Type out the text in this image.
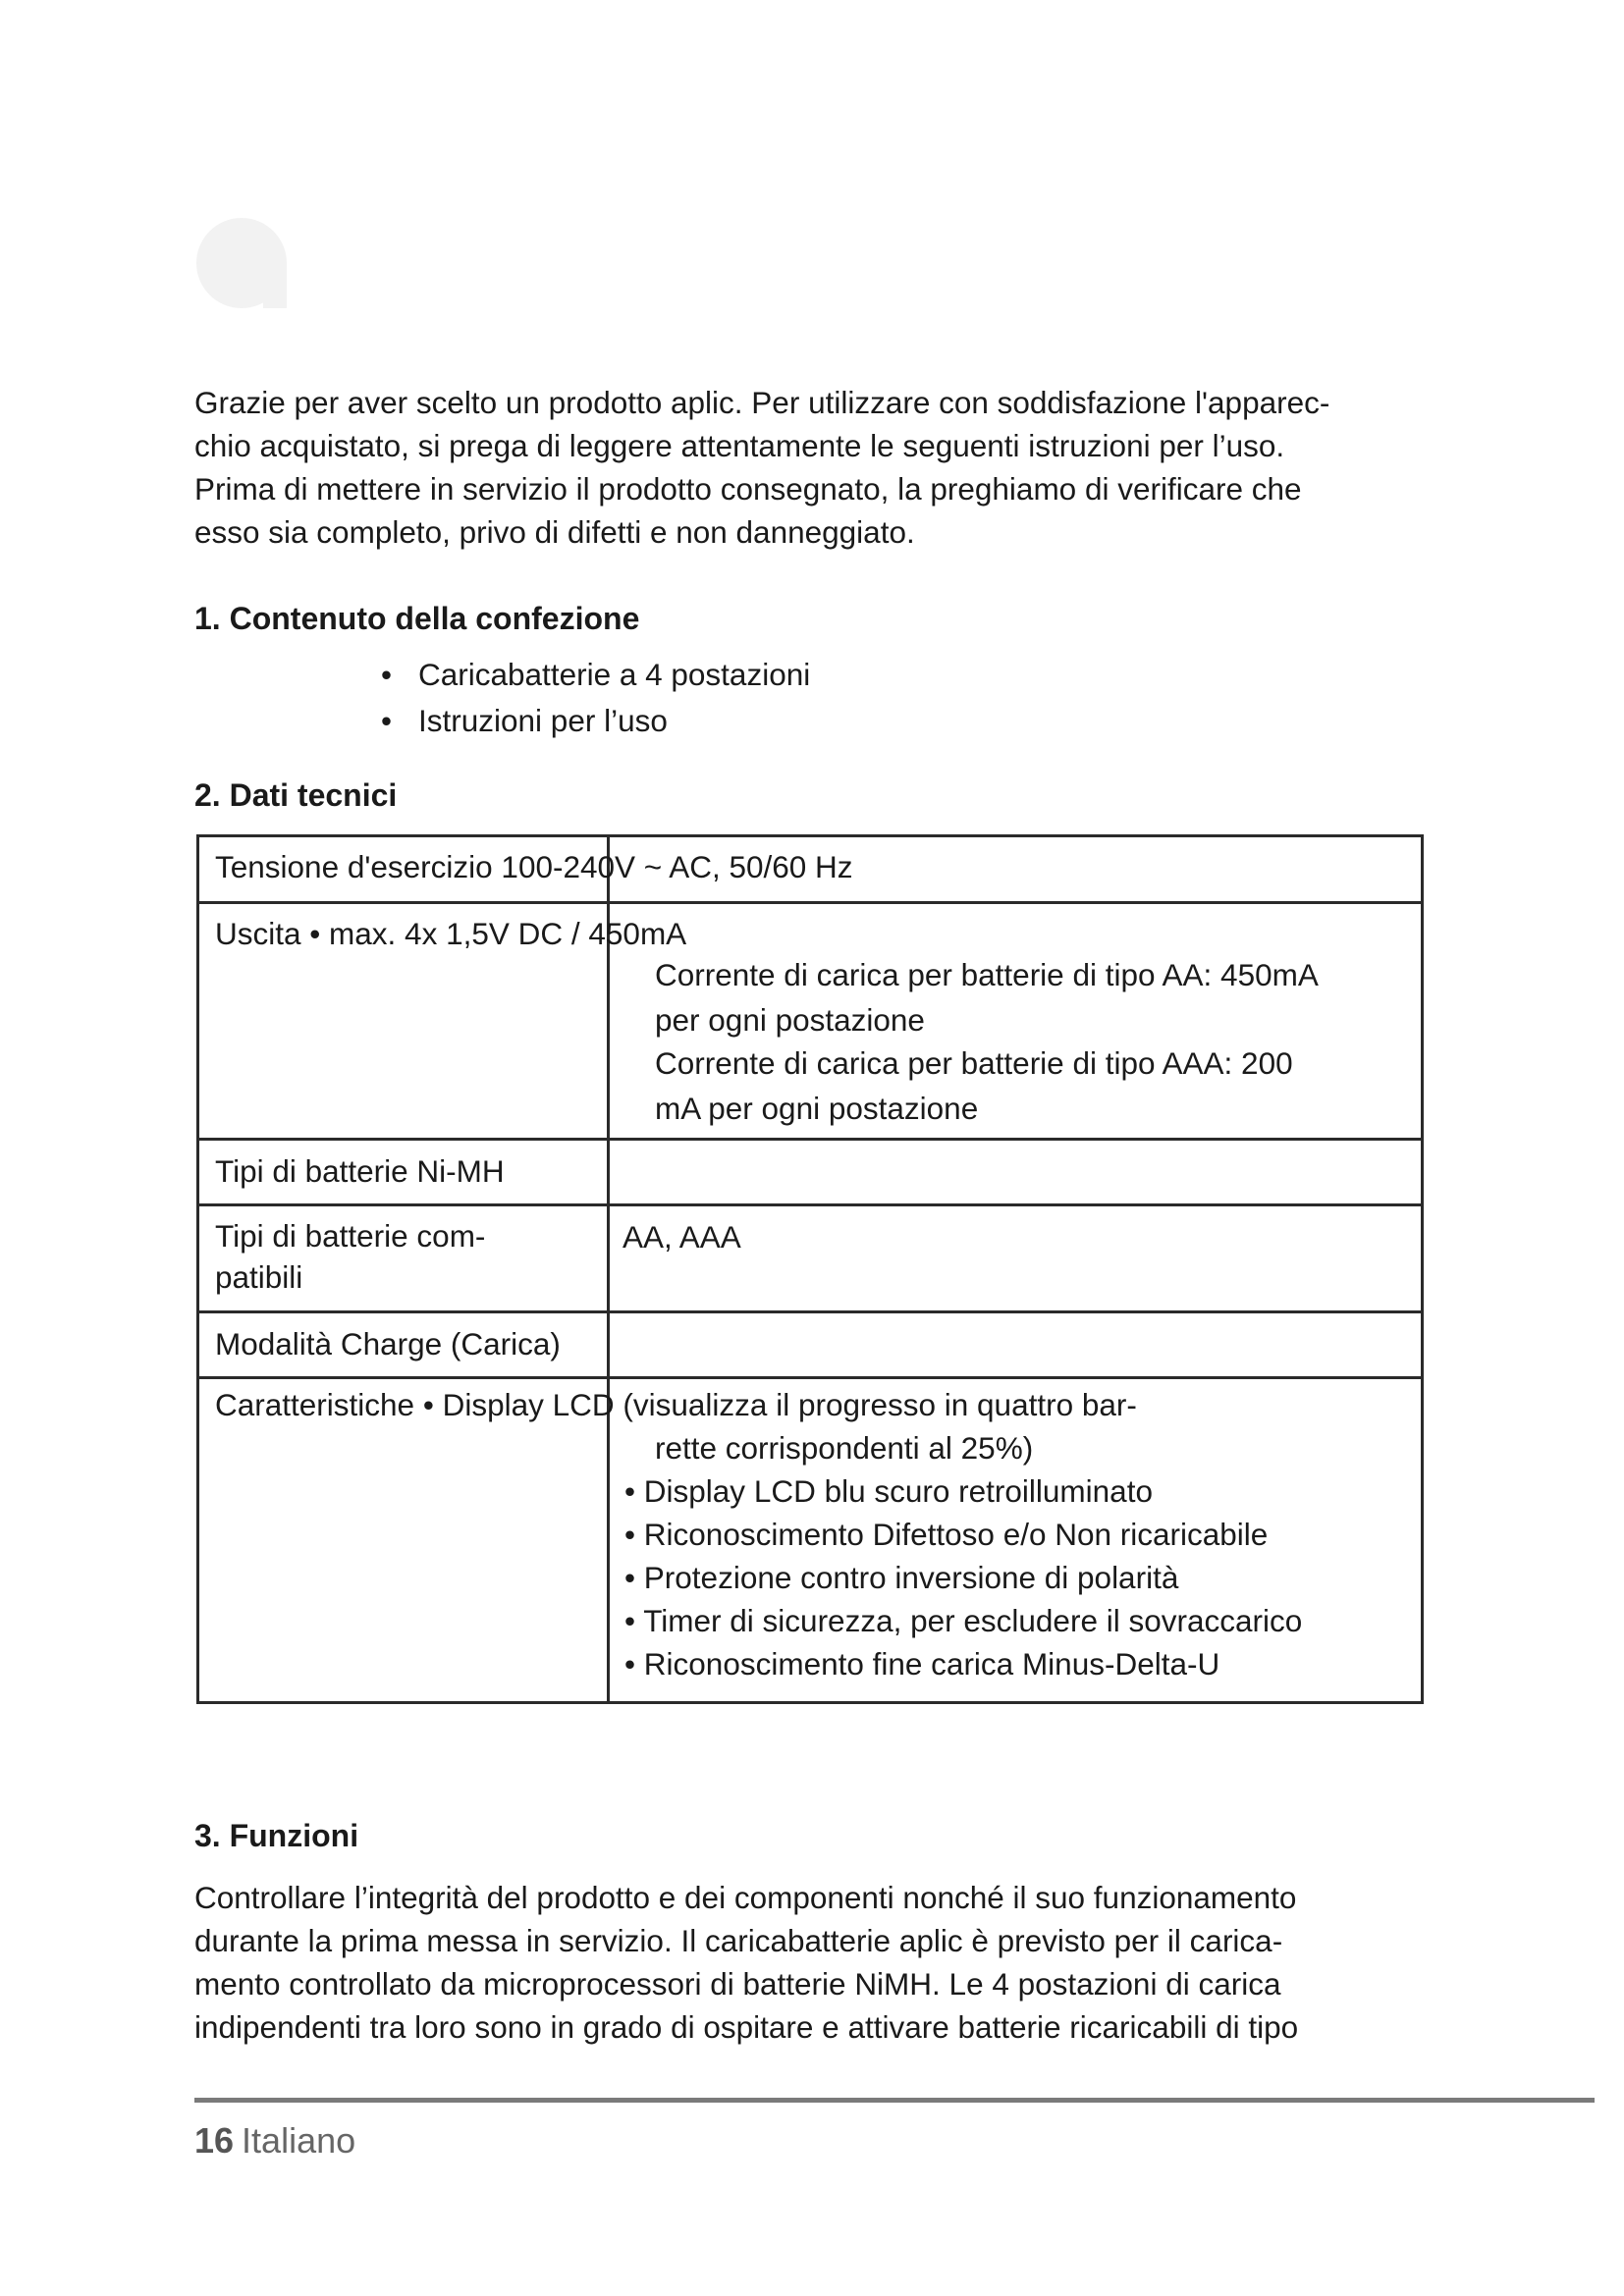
Grazie per aver scelto un prodotto aplic. Per utilizzare con soddisfazione l'apparec-
chio acquistato, si prega di leggere attentamente le seguenti istruzioni per l’uso.
Prima di mettere in servizio il prodotto consegnato, la preghiamo di verificare che
esso sia completo, privo di difetti e non danneggiato.

1. Contenuto della confezione
• Caricabatterie a 4 postazioni
• Istruzioni per l’uso
2. Dati tecnici
Tensione d'esercizio 100-240V ~ AC, 50/60 Hz
Uscita • max. 4x 1,5V DC / 450mA
Corrente di carica per batterie di tipo AA: 450mA
per ogni postazione
Corrente di carica per batterie di tipo AAA: 200
mA per ogni postazione
Tipi di batterie Ni-MH
Tipi di batterie com-
patibili
AA, AAA
Modalità Charge (Carica)
Caratteristiche • Display LCD (visualizza il progresso in quattro bar-
rette corrispondenti al 25%)
• Display LCD blu scuro retroilluminato
• Riconoscimento Difettoso e/o Non ricaricabile
• Protezione contro inversione di polarità
• Timer di sicurezza, per escludere il sovraccarico
• Riconoscimento fine carica Minus-Delta-U
3. Funzioni

Controllare l’integrità del prodotto e dei componenti nonché il suo funzionamento
durante la prima messa in servizio. Il caricabatterie aplic è previsto per il carica-
mento controllato da microprocessori di batterie NiMH. Le 4 postazioni di carica
indipendenti tra loro sono in grado di ospitare e attivare batterie ricaricabili di tipo

16 Italiano
